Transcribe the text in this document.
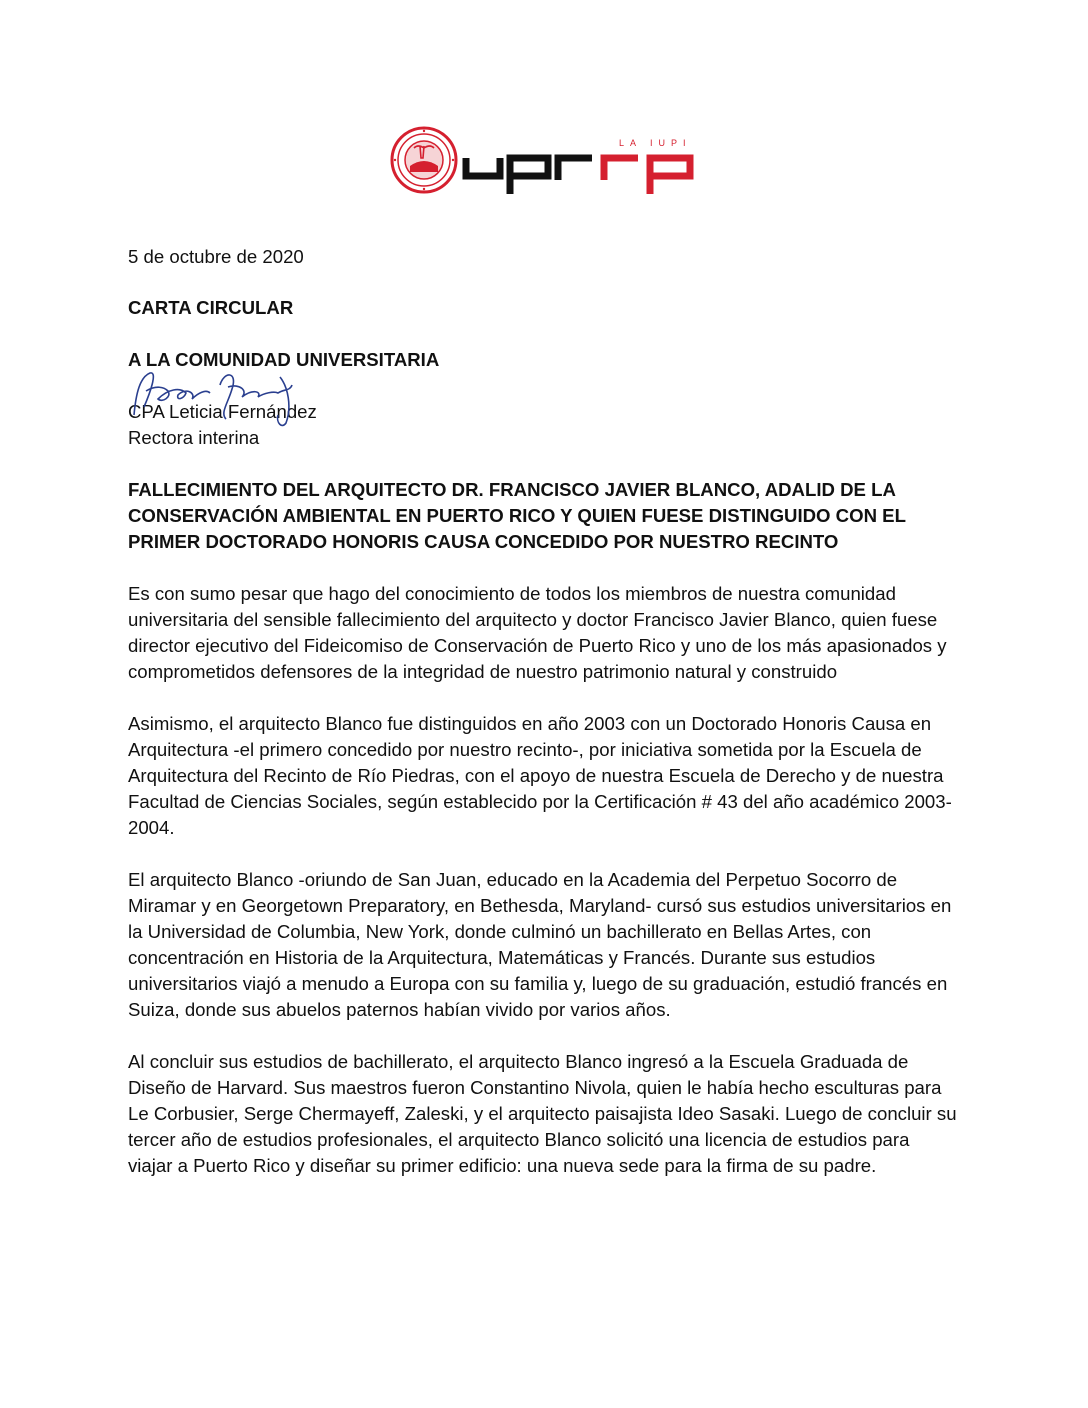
LA IUPI

5 de octubre de 2020

CARTA CIRCULAR

A LA COMUNIDAD UNIVERSITARIA

CPA Leticia Fernández

Rectora interina

FALLECIMIENTO DEL ARQUITECTO DR. FRANCISCO JAVIER BLANCO, ADALID DE LA CONSERVACIÓN AMBIENTAL EN PUERTO RICO Y QUIEN FUESE DISTINGUIDO CON EL PRIMER DOCTORADO HONORIS CAUSA CONCEDIDO POR NUESTRO RECINTO

Es con sumo pesar que hago del conocimiento de todos los miembros de nuestra comunidad universitaria del sensible fallecimiento del arquitecto y doctor Francisco Javier Blanco, quien fuese director ejecutivo del Fideicomiso de Conservación de Puerto Rico y uno de los más apasionados y comprometidos defensores de la integridad de nuestro patrimonio natural y construido

Asimismo, el arquitecto Blanco fue distinguidos en año 2003 con un Doctorado Honoris Causa en Arquitectura -el primero concedido por nuestro recinto-, por iniciativa sometida por la Escuela de Arquitectura del Recinto de Río Piedras, con el apoyo de nuestra Escuela de Derecho y de nuestra Facultad de Ciencias Sociales, según establecido por la Certificación # 43 del año académico 2003-2004.

El arquitecto Blanco -oriundo de San Juan, educado en la Academia del Perpetuo Socorro de Miramar y en Georgetown Preparatory, en Bethesda, Maryland- cursó sus estudios universitarios en la Universidad de Columbia, New York, donde culminó un bachillerato en Bellas Artes, con concentración en Historia de la Arquitectura, Matemáticas y Francés. Durante sus estudios universitarios viajó a menudo a Europa con su familia y, luego de su graduación, estudió francés en Suiza, donde sus abuelos paternos habían vivido por varios años.

Al concluir sus estudios de bachillerato, el arquitecto Blanco ingresó a la Escuela Graduada de Diseño de Harvard. Sus maestros fueron Constantino Nivola, quien le había hecho esculturas para Le Corbusier, Serge Chermayeff, Zaleski, y el arquitecto paisajista Ideo Sasaki. Luego de concluir su tercer año de estudios profesionales, el arquitecto Blanco solicitó una licencia de estudios para viajar a Puerto Rico y diseñar su primer edificio: una nueva sede para la firma de su padre.
